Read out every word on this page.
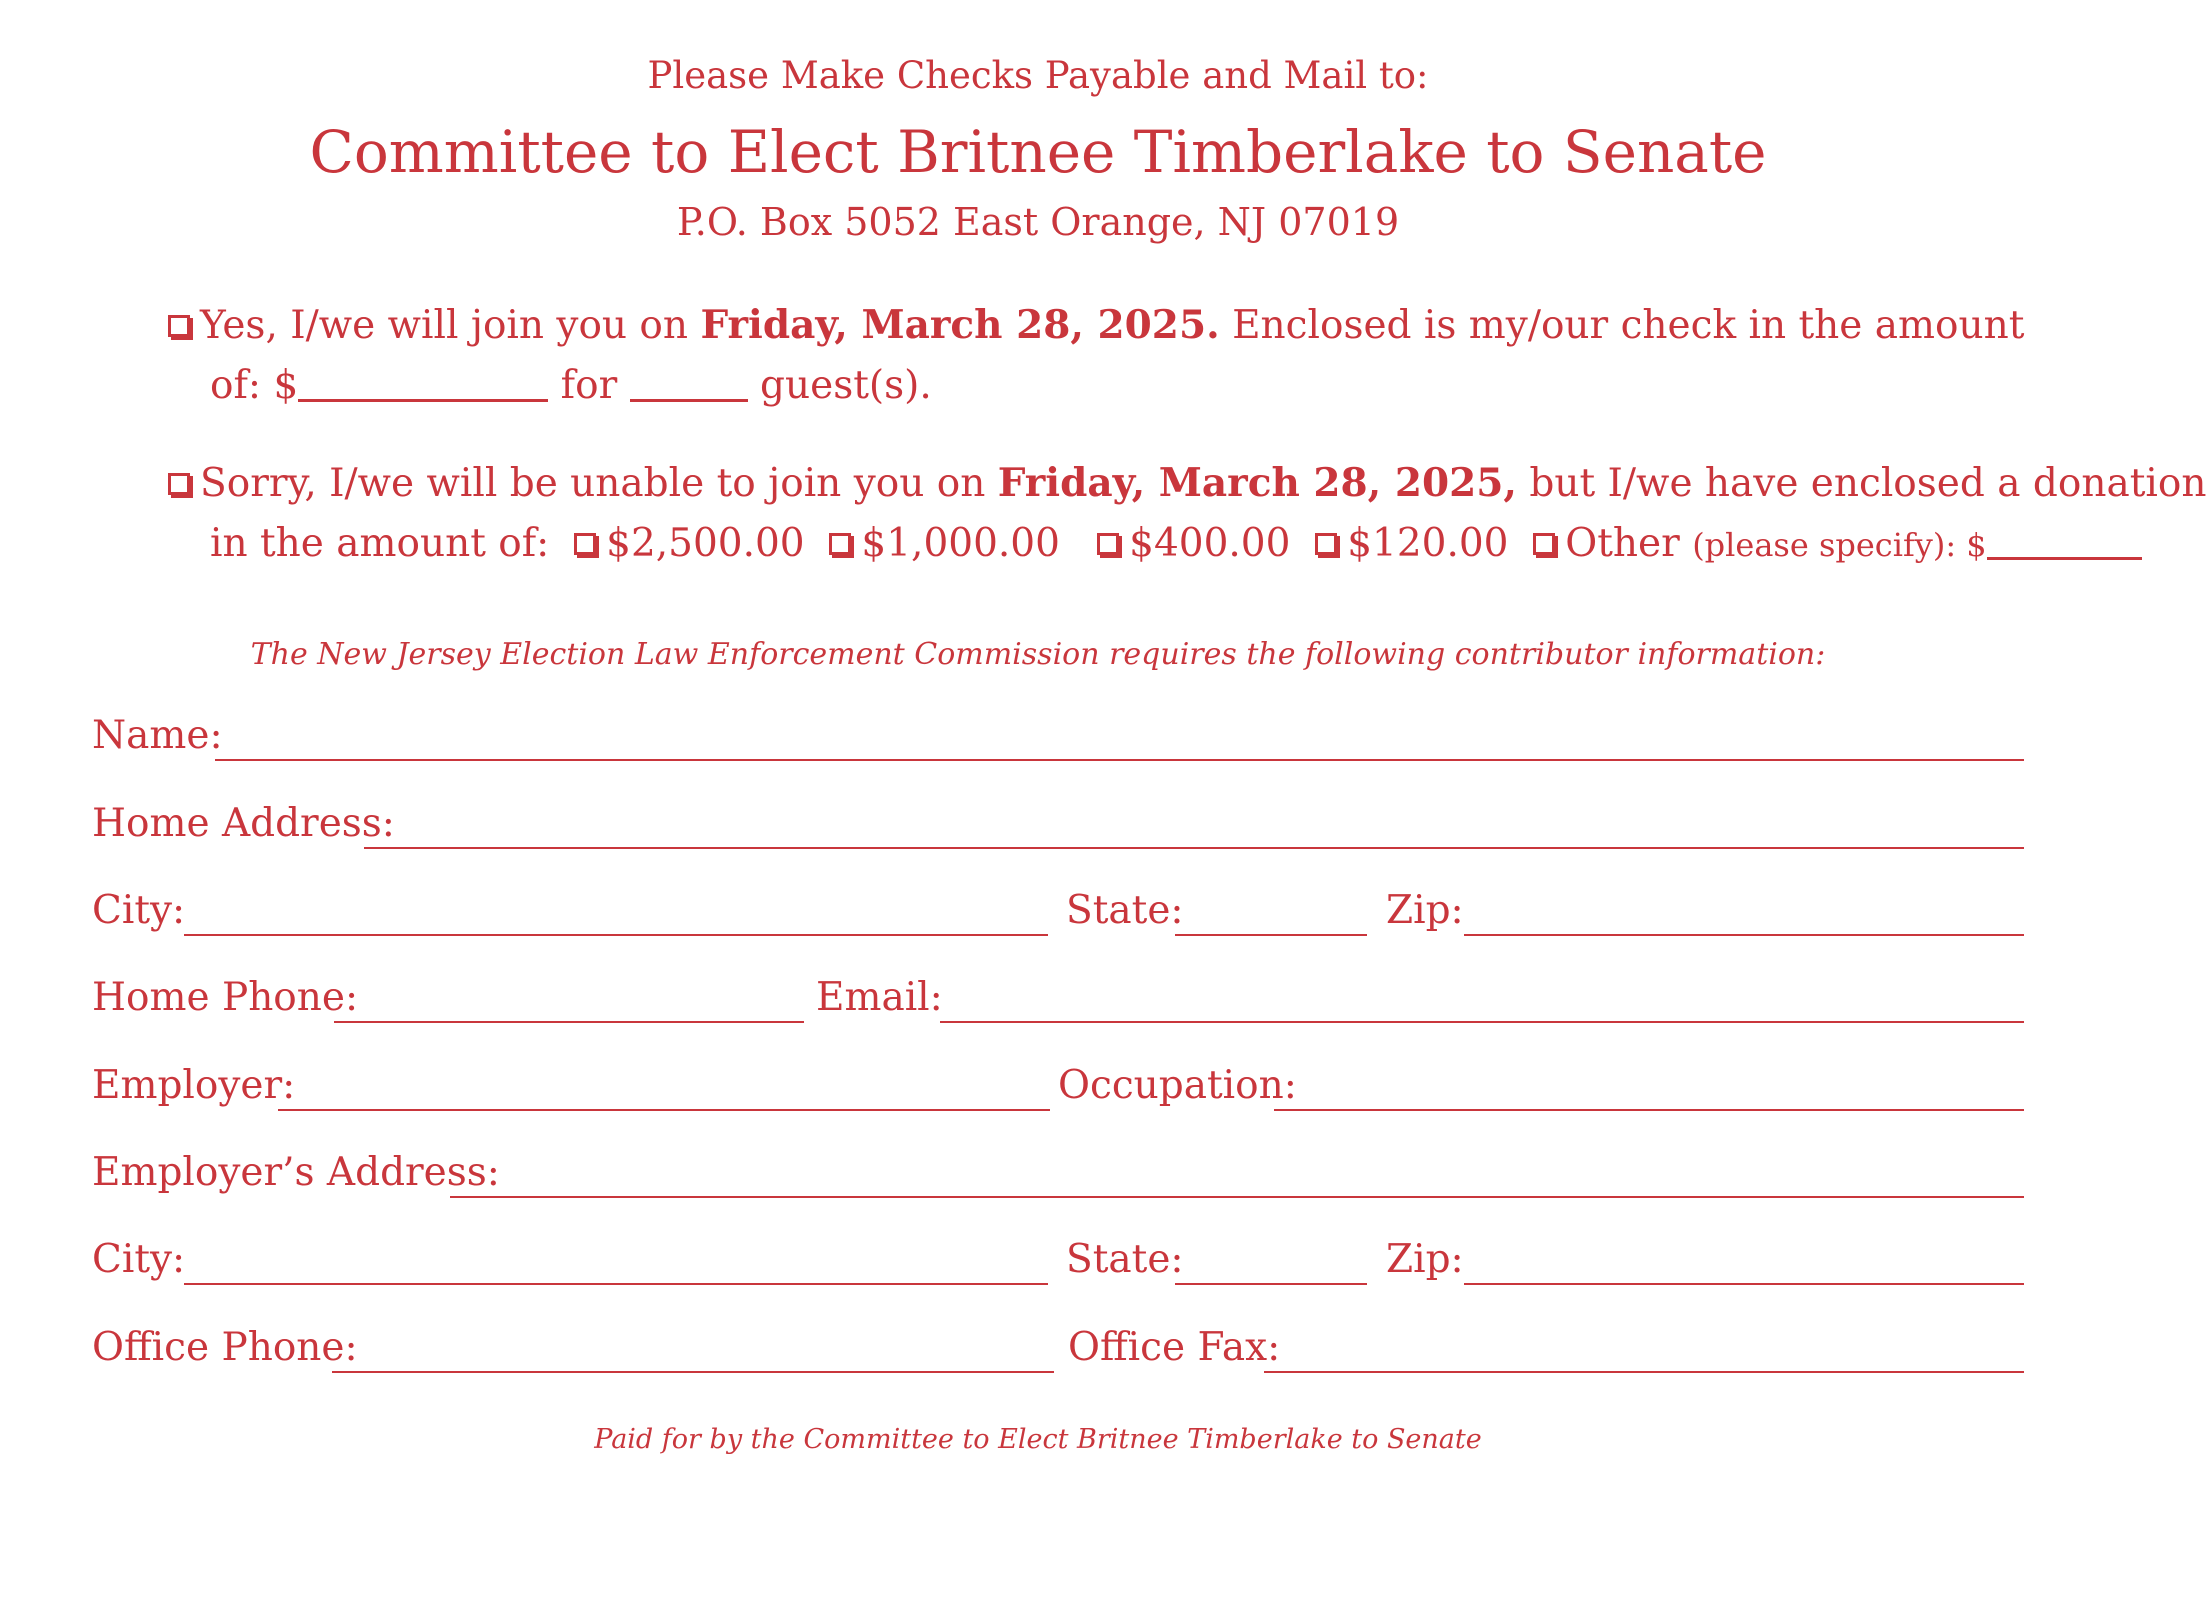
Please Make Checks Payable and Mail to:
Committee to Elect Britnee Timberlake to Senate
P.O. Box 5052 East Orange, NJ 07019
Yes, I/we will join you on Friday, March 28, 2025. Enclosed is my/our check in the amount
of: $	for	guest(s).
Sorry, I/we will be unable to join you on Friday, March 28, 2025, but I/we have enclosed a donation
in the amount of: $2,500.00 $1,000.00 $400.00 $120.00 Other (please specify): $
The New Jersey Election Law Enforcement Commission requires the following contributor information:
Name:
Home Address:
City:	State:	Zip:
Home Phone:	Email:
Employer:	Occupation:
Employer’s Address:
City:	State:	Zip:
Office Phone:	Office Fax:
Paid for by the Committee to Elect Britnee Timberlake to Senate
